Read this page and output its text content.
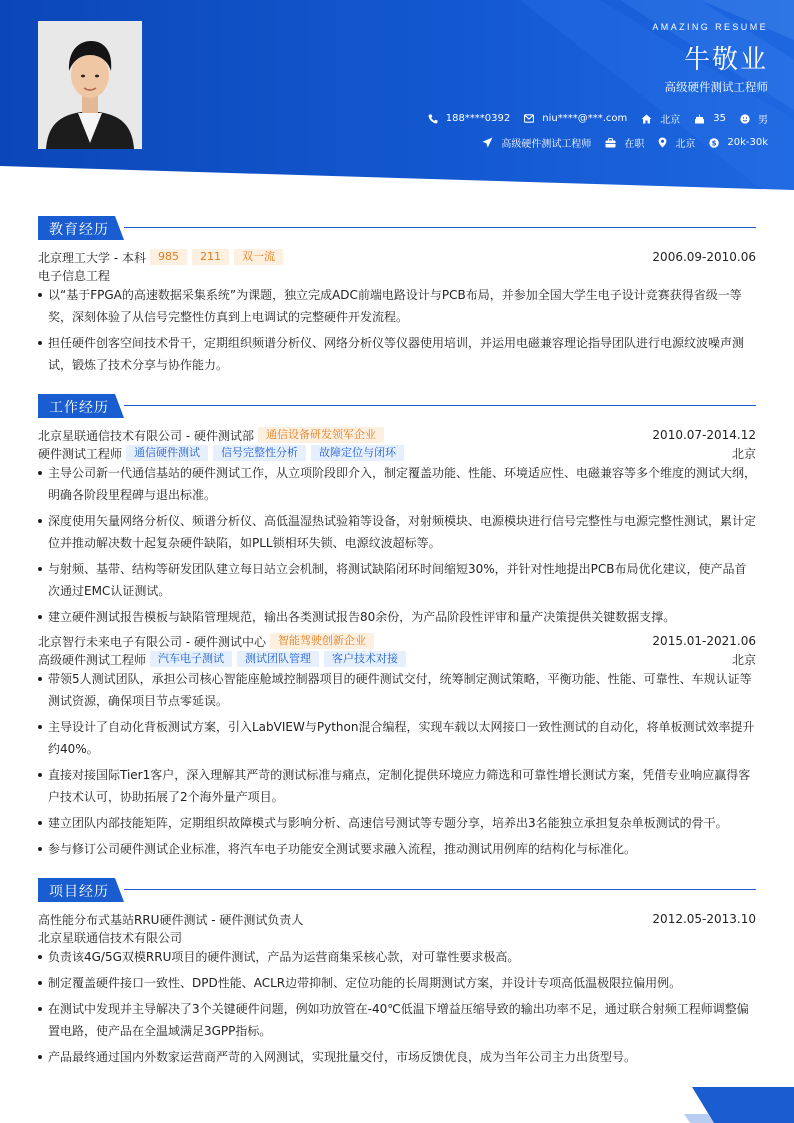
AMAZING RESUME
牛敬业
高级硬件测试工程师
188****0392	niu****@***.com	北京	35	男
高级硬件测试工程师	在职	北京 $ 20k-30k
教育经历
北京理工大学 - 本科	985	211	双一流	2006.09-2010.06
电子信息工程
以“基于FPGA的高速数据采集系统”为课题，独立完成ADC前端电路设计与PCB布局，并参加全国大学生电子设计竞赛获得省级一等奖，深刻体验了从信号完整性仿真到上电调试的完整硬件开发流程。
担任硬件创客空间技术骨干，定期组织频谱分析仪、网络分析仪等仪器使用培训，并运用电磁兼容理论指导团队进行电源纹波噪声测试，锻炼了技术分享与协作能力。
工作经历
北京星联通信技术有限公司 - 硬件测试部	通信设备研发领军企业	2010.07-2014.12
硬件测试工程师	通信硬件测试	信号完整性分析	故障定位与闭环	北京
主导公司新一代通信基站的硬件测试工作，从立项阶段即介入，制定覆盖功能、性能、环境适应性、电磁兼容等多个维度的测试大纲，明确各阶段里程碑与退出标准。
深度使用矢量网络分析仪、频谱分析仪、高低温湿热试验箱等设备，对射频模块、电源模块进行信号完整性与电源完整性测试，累计定位并推动解决数十起复杂硬件缺陷，如PLL锁相环失锁、电源纹波超标等。
与射频、基带、结构等研发团队建立每日站立会机制，将测试缺陷闭环时间缩短30%，并针对性地提出PCB布局优化建议，使产品首次通过EMC认证测试。
建立硬件测试报告模板与缺陷管理规范，输出各类测试报告80余份，为产品阶段性评审和量产决策提供关键数据支撑。
北京智行未来电子有限公司 - 硬件测试中心	智能驾驶创新企业	2015.01-2021.06
高级硬件测试工程师	汽车电子测试	测试团队管理	客户技术对接	北京
带领5人测试团队，承担公司核心智能座舱域控制器项目的硬件测试交付，统筹制定测试策略，平衡功能、性能、可靠性、车规认证等测试资源，确保项目节点零延误。
主导设计了自动化背板测试方案，引入LabVIEW与Python混合编程，实现车载以太网接口一致性测试的自动化，将单板测试效率提升约40%。
直接对接国际Tier1客户，深入理解其严苛的测试标准与痛点，定制化提供环境应力筛选和可靠性增长测试方案，凭借专业响应赢得客户技术认可，协助拓展了2个海外量产项目。
建立团队内部技能矩阵，定期组织故障模式与影响分析、高速信号测试等专题分享，培养出3名能独立承担复杂单板测试的骨干。
参与修订公司硬件测试企业标准，将汽车电子功能安全测试要求融入流程，推动测试用例库的结构化与标准化。
项目经历
高性能分布式基站RRU硬件测试 - 硬件测试负责人	2012.05-2013.10
北京星联通信技术有限公司
负责该4G/5G双模RRU项目的硬件测试，产品为运营商集采核心款，对可靠性要求极高。
制定覆盖硬件接口一致性、DPD性能、ACLR边带抑制、定位功能的长周期测试方案，并设计专项高低温极限拉偏用例。
在测试中发现并主导解决了3个关键硬件问题，例如功放管在-40℃低温下增益压缩导致的输出功率不足，通过联合射频工程师调整偏置电路，使产品在全温域满足3GPP指标。
产品最终通过国内外数家运营商严苛的入网测试，实现批量交付，市场反馈优良，成为当年公司主力出货型号。
